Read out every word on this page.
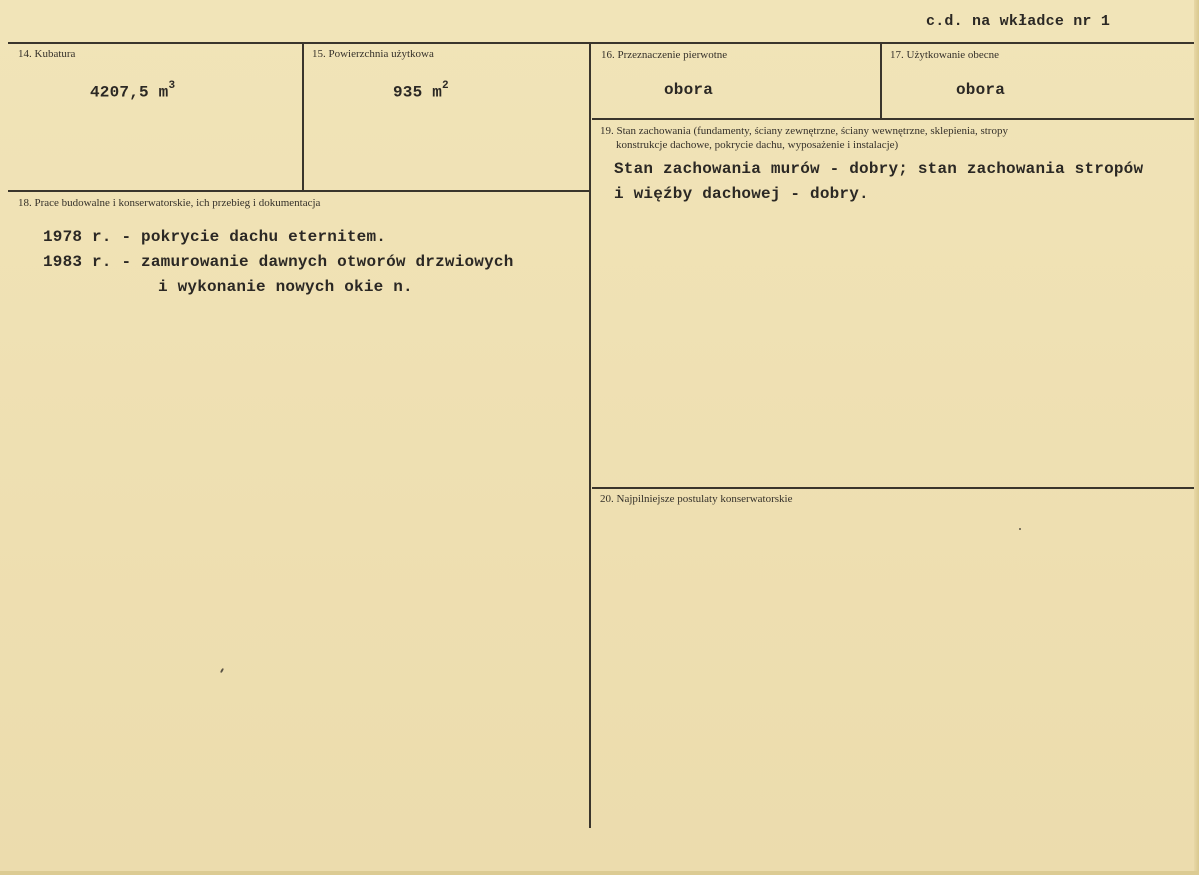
c.d. na wkładce nr 1
14. Kubatura
4207,5 $m^3$
15. Powierzchnia użytkowa
935 $m^2$
16. Przeznaczenie pierwotne
obora
17. Użytkowanie obecne
obora
19. Stan zachowania (fundamenty, ściany zewnętrzne, ściany wewnętrzne, sklepienia, stropy
konstrukcje dachowe, pokrycie dachu, wyposażenie i instalacje)
Stan zachowania murów - dobry; stan zachowania stropów
i więźby dachowej - dobry.
18. Prace budowalne i konserwatorskie, ich przebieg i dokumentacja
1978 r. - pokrycie dachu eternitem.
1983 r. - zamurowanie dawnych otworów drzwiowych
i wykonanie nowych okie n.
20. Najpilniejsze postulaty konserwatorskie
